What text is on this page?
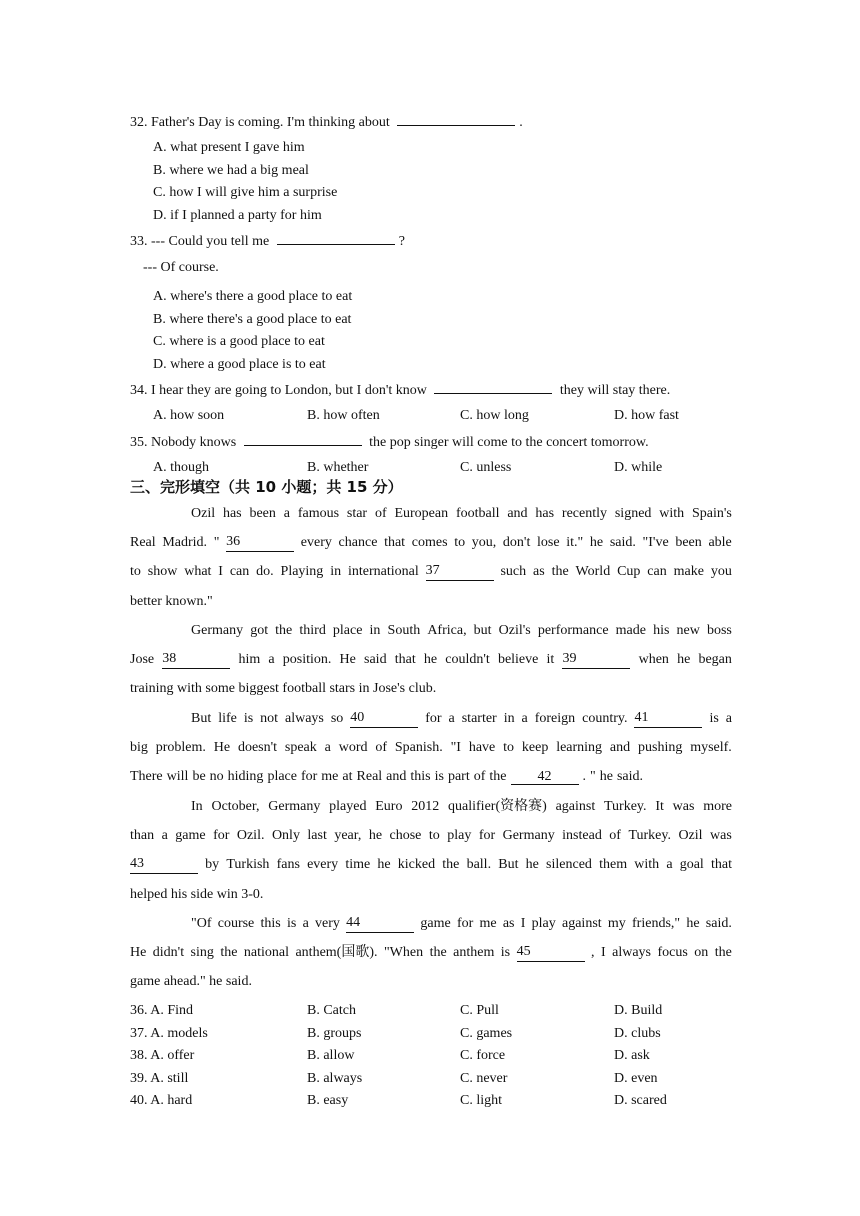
32. Father's Day is coming. I'm thinking about	.
A. what present I gave him
B. where we had a big meal
C. how I will give him a surprise
D. if I planned a party for him
33. --- Could you tell me	?
--- Of course.
A. where's there a good place to eat
B. where there's a good place to eat
C. where is a good place to eat
D. where a good place is to eat
34. I hear they are going to London, but I don't know	they will stay there.
A. how soon	B. how often	C. how long	D. how fast
35. Nobody knows	the pop singer will come to the concert tomorrow.
A. though	B. whether	C. unless	D. while
三、完形填空（共 10 小题；共 15 分）
Ozil has been a famous star of European football and has recently signed with Spain's
Real Madrid. " 36	every chance that comes to you, don't lose it." he said. "I've been able
to show what I can do. Playing in international 37	such as the World Cup can make you
better known."
Germany got the third place in South Africa, but Ozil's performance made his new boss
Jose 38	him a position. He said that he couldn't believe it 39	when he began
training with some biggest football stars in Jose's club.
But life is not always so 40	for a starter in a foreign country. 41	is a
big problem. He doesn't speak a word of Spanish. "I have to keep learning and pushing myself.
There will be no hiding place for me at Real and this is part of the 42 . " he said.
In October, Germany played Euro 2012 qualifier(资格赛) against Turkey. It was more
than a game for Ozil. Only last year, he chose to play for Germany instead of Turkey. Ozil was
43	by Turkish fans every time he kicked the ball. But he silenced them with a goal that
helped his side win 3-0.
"Of course this is a very 44	game for me as I play against my friends," he said.
He didn't sing the national anthem(国歌). "When the anthem is 45	, I always focus on the
game ahead." he said.
36. A. Find	B. Catch	C. Pull	D. Build
37. A. models	B. groups	C. games	D. clubs
38. A. offer	B. allow	C. force	D. ask
39. A. still	B. always	C. never	D. even
40. A. hard	B. easy	C. light	D. scared
